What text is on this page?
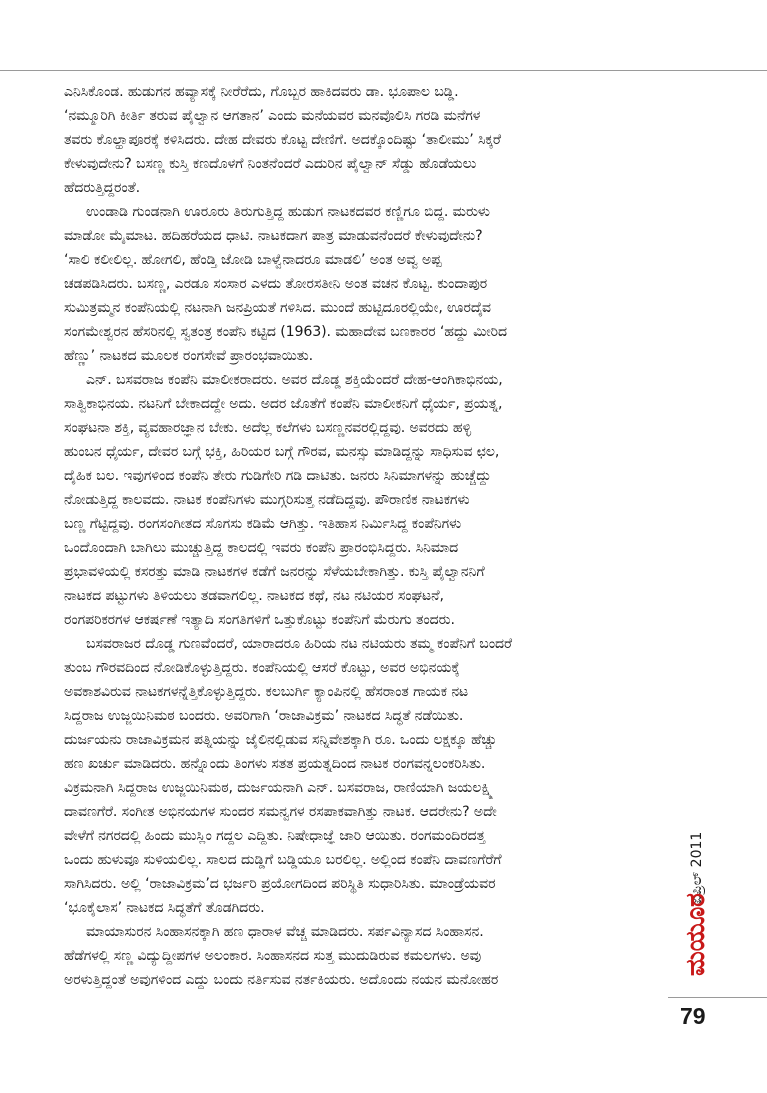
ಎನಿಸಿಕೊಂಡ. ಹುಡುಗನ ಹವ್ಯಾಸಕ್ಕೆ ನೀರೆರೆದು, ಗೊಬ್ಬರ ಹಾಕಿದವರು ಡಾ. ಭೂಪಾಲ ಬಡ್ಡಿ.
‘ನಮ್ಮೂರಿಗಿ ಕೀರ್ತಿ ತರುವ ಪೈಲ್ವಾನ ಆಗತಾನ’ ಎಂದು ಮನೆಯವರ ಮನವೊಲಿಸಿ ಗರಡಿ ಮನೆಗಳ
ತವರು ಕೊಲ್ಹಾಪೂರಕ್ಕೆ ಕಳಿಸಿದರು. ದೇಹ ದೇವರು ಕೊಟ್ಟ ದೇಣಿಗೆ. ಅದಕ್ಕೊಂದಿಷ್ಟು ‘ತಾಲೀಮು’ ಸಿಕ್ಕರೆ
ಕೇಳುವುದೇನು? ಬಸಣ್ಣ ಕುಸ್ತಿ ಕಣದೊಳಗೆ ನಿಂತನೆಂದರೆ ಎದುರಿನ ಪೈಲ್ವಾನ್ ಸೆಡ್ಡು ಹೊಡೆಯಲು
ಹೆದರುತ್ತಿದ್ದರಂತೆ.
ಉಂಡಾಡಿ ಗುಂಡನಾಗಿ ಊರೂರು ತಿರುಗುತ್ತಿದ್ದ ಹುಡುಗ ನಾಟಕದವರ ಕಣ್ಣಿಗೂ ಬಿದ್ದ. ಮರುಳು
ಮಾಡೋ ಮೈಮಾಟ. ಹದಿಹರೆಯದ ಧಾಟಿ. ನಾಟಕದಾಗ ಪಾತ್ರ ಮಾಡುವನೆಂದರೆ ಕೇಳುವುದೇನು?
‘ಸಾಲಿ ಕಲೀಲಿಲ್ಲ. ಹೋಗಲಿ, ಹೆಂಡ್ತಿ ಜೋಡಿ ಬಾಳ್ವೆನಾದರೂ ಮಾಡಲಿ’ ಅಂತ ಅವ್ವ ಅಪ್ಪ
ಚಡಪಡಿಸಿದರು. ಬಸಣ್ಣ, ಎರಡೂ ಸಂಸಾರ ಎಳದು ತೋರಸತೀನಿ ಅಂತ ವಚನ ಕೊಟ್ಟ. ಕುಂದಾಪುರ
ಸುಮಿತ್ರಮ್ಮನ ಕಂಪೆನಿಯಲ್ಲಿ ನಟನಾಗಿ ಜನಪ್ರಿಯತೆ ಗಳಿಸಿದ. ಮುಂದೆ ಹುಟ್ಟಿದೂರಲ್ಲಿಯೇ, ಊರದೈವ
ಸಂಗಮೇಶ್ವರನ ಹೆಸರಿನಲ್ಲಿ ಸ್ವತಂತ್ರ ಕಂಪೆನಿ ಕಟ್ಟಿದ (1963). ಮಹಾದೇವ ಬಣಕಾರರ ‘ಹದ್ದು ಮೀರಿದ
ಹೆಣ್ಣು’ ನಾಟಕದ ಮೂಲಕ ರಂಗಸೇವೆ ಪ್ರಾರಂಭವಾಯಿತು.
ಎನ್. ಬಸವರಾಜ ಕಂಪೆನಿ ಮಾಲೀಕರಾದರು. ಅವರ ದೊಡ್ಡ ಶಕ್ತಿಯೆಂದರೆ ದೇಹ-ಆಂಗಿಕಾಭಿನಯ,
ಸಾತ್ವಿಕಾಭಿನಯ. ನಟನಿಗೆ ಬೇಕಾದದ್ದೇ ಅದು. ಅದರ ಜೊತೆಗೆ ಕಂಪೆನಿ ಮಾಲೀಕನಿಗೆ ಧೈರ್ಯ, ಪ್ರಯತ್ನ,
ಸಂಘಟನಾ ಶಕ್ತಿ, ವ್ಯವಹಾರಜ್ಞಾನ ಬೇಕು. ಅದೆಲ್ಲ ಕಲೆಗಳು ಬಸಣ್ಣನವರಲ್ಲಿದ್ದವು. ಅವರದು ಹಳ್ಳಿ
ಹುಂಬನ ಧೈರ್ಯ, ದೇವರ ಬಗ್ಗೆ ಭಕ್ತಿ, ಹಿರಿಯರ ಬಗ್ಗೆ ಗೌರವ, ಮನಸ್ಸು ಮಾಡಿದ್ದನ್ನು ಸಾಧಿಸುವ ಛಲ,
ದೈಹಿಕ ಬಲ. ಇವುಗಳಿಂದ ಕಂಪೆನಿ ತೇರು ಗುಡಿಗೇರಿ ಗಡಿ ದಾಟಿತು. ಜನರು ಸಿನಿಮಾಗಳನ್ನು ಹುಚ್ಚೆದ್ದು
ನೋಡುತ್ತಿದ್ದ ಕಾಲವದು. ನಾಟಕ ಕಂಪೆನಿಗಳು ಮುಗ್ಗರಿಸುತ್ತ ನಡೆದಿದ್ದವು. ಪೌರಾಣಿಕ ನಾಟಕಗಳು
ಬಣ್ಣ ಗೆಟ್ಟಿದ್ದವು. ರಂಗಸಂಗೀತದ ಸೊಗಸು ಕಡಿಮೆ ಆಗಿತ್ತು. ಇತಿಹಾಸ ನಿರ್ಮಿಸಿದ್ದ ಕಂಪೆನಿಗಳು
ಒಂದೊಂದಾಗಿ ಬಾಗಿಲು ಮುಚ್ಚುತ್ತಿದ್ದ ಕಾಲದಲ್ಲಿ ಇವರು ಕಂಪೆನಿ ಪ್ರಾರಂಭಿಸಿದ್ದರು. ಸಿನಿಮಾದ
ಪ್ರಭಾವಳಿಯಲ್ಲಿ ಕಸರತ್ತು ಮಾಡಿ ನಾಟಕಗಳ ಕಡೆಗೆ ಜನರನ್ನು ಸೆಳೆಯಬೇಕಾಗಿತ್ತು. ಕುಸ್ತಿ ಪೈಲ್ವಾನನಿಗೆ
ನಾಟಕದ ಪಟ್ಟುಗಳು ತಿಳಿಯಲು ತಡವಾಗಲಿಲ್ಲ. ನಾಟಕದ ಕಥೆ, ನಟ ನಟಿಯರ ಸಂಘಟನೆ,
ರಂಗಪರಿಕರಗಳ ಆಕರ್ಷಣೆ ಇತ್ಯಾದಿ ಸಂಗತಿಗಳಿಗೆ ಒತ್ತುಕೊಟ್ಟು ಕಂಪೆನಿಗೆ ಮೆರುಗು ತಂದರು.
ಬಸವರಾಜರ ದೊಡ್ಡ ಗುಣವೆಂದರೆ, ಯಾರಾದರೂ ಹಿರಿಯ ನಟ ನಟಿಯರು ತಮ್ಮ ಕಂಪೆನಿಗೆ ಬಂದರೆ
ತುಂಬ ಗೌರವದಿಂದ ನೋಡಿಕೊಳ್ಳುತ್ತಿದ್ದರು. ಕಂಪೆನಿಯಲ್ಲಿ ಆಸರೆ ಕೊಟ್ಟು, ಅವರ ಅಭಿನಯಕ್ಕೆ
ಅವಕಾಶವಿರುವ ನಾಟಕಗಳನ್ನೆತ್ತಿಕೊಳ್ಳುತ್ತಿದ್ದರು. ಕಲಬುರ್ಗಿ ಕ್ಯಾಂಪಿನಲ್ಲಿ ಹೆಸರಾಂತ ಗಾಯಕ ನಟ
ಸಿದ್ದರಾಜ ಉಜ್ಜಯಿನಿಮಠ ಬಂದರು. ಅವರಿಗಾಗಿ ‘ರಾಜಾವಿಕ್ರಮ’ ನಾಟಕದ ಸಿದ್ಧತೆ ನಡೆಯಿತು.
ದುರ್ಜಯನು ರಾಜಾವಿಕ್ರಮನ ಪತ್ನಿಯನ್ನು ಜೈಲಿನಲ್ಲಿಡುವ ಸನ್ನಿವೇಶಕ್ಕಾಗಿ ರೂ. ಒಂದು ಲಕ್ಷಕ್ಕೂ ಹೆಚ್ಚು
ಹಣ ಖರ್ಚು ಮಾಡಿದರು. ಹನ್ನೊಂದು ತಿಂಗಳು ಸತತ ಪ್ರಯತ್ನದಿಂದ ನಾಟಕ ರಂಗವನ್ನಲಂಕರಿಸಿತು.
ವಿಕ್ರಮನಾಗಿ ಸಿದ್ದರಾಜ ಉಜ್ಜಯಿನಿಮಠ, ದುರ್ಜಯನಾಗಿ ಎನ್. ಬಸವರಾಜ, ರಾಣಿಯಾಗಿ ಜಯಲಕ್ಷ್ಮಿ
ದಾವಣಗೆರೆ. ಸಂಗೀತ ಅಭಿನಯಗಳ ಸುಂದರ ಸಮನ್ವಗಳ ರಸಪಾಕವಾಗಿತ್ತು ನಾಟಕ. ಆದರೇನು? ಅದೇ
ವೇಳೆಗೆ ನಗರದಲ್ಲಿ ಹಿಂದು ಮುಸ್ಲಿಂ ಗದ್ದಲ ಎದ್ದಿತು. ನಿಷೇಧಾಜ್ಞೆ ಜಾರಿ ಆಯಿತು. ರಂಗಮಂದಿರದತ್ತ
ಒಂದು ಹುಳುವೂ ಸುಳಿಯಲಿಲ್ಲ. ಸಾಲದ ದುಡ್ಡಿಗೆ ಬಡ್ಡಿಯೂ ಬರಲಿಲ್ಲ. ಅಲ್ಲಿಂದ ಕಂಪೆನಿ ದಾವಣಗೆರೆಗೆ
ಸಾಗಿಸಿದರು. ಅಲ್ಲಿ ‘ರಾಜಾವಿಕ್ರಮ’ದ ಭರ್ಜರಿ ಪ್ರಯೋಗದಿಂದ ಪರಿಸ್ಥಿತಿ ಸುಧಾರಿಸಿತು. ಮಾಂಡ್ರೆಯವರ
‘ಭೂಕೈಲಾಸ’ ನಾಟಕದ ಸಿದ್ಧತೆಗೆ ತೊಡಗಿದರು.
ಮಾಯಾಸುರನ ಸಿಂಹಾಸನಕ್ಕಾಗಿ ಹಣ ಧಾರಾಳ ವೆಚ್ಚ ಮಾಡಿದರು. ಸರ್ಪವಿನ್ಯಾಸದ ಸಿಂಹಾಸನ.
ಹೆಡೆಗಳಲ್ಲಿ ಸಣ್ಣ ವಿದ್ಯುದ್ದೀಪಗಳ ಅಲಂಕಾರ. ಸಿಂಹಾಸನದ ಸುತ್ತ ಮುದುಡಿರುವ ಕಮಲಗಳು. ಅವು
ಅರಳುತ್ತಿದ್ದಂತೆ ಅವುಗಳಿಂದ ಎದ್ದು ಬಂದು ನರ್ತಿಸುವ ನರ್ತಕಿಯರು. ಅದೊಂದು ನಯನ ಮನೋಹರ
ಏಪ್ರಿಲ್ 2011
ಮಯೂರ
79
